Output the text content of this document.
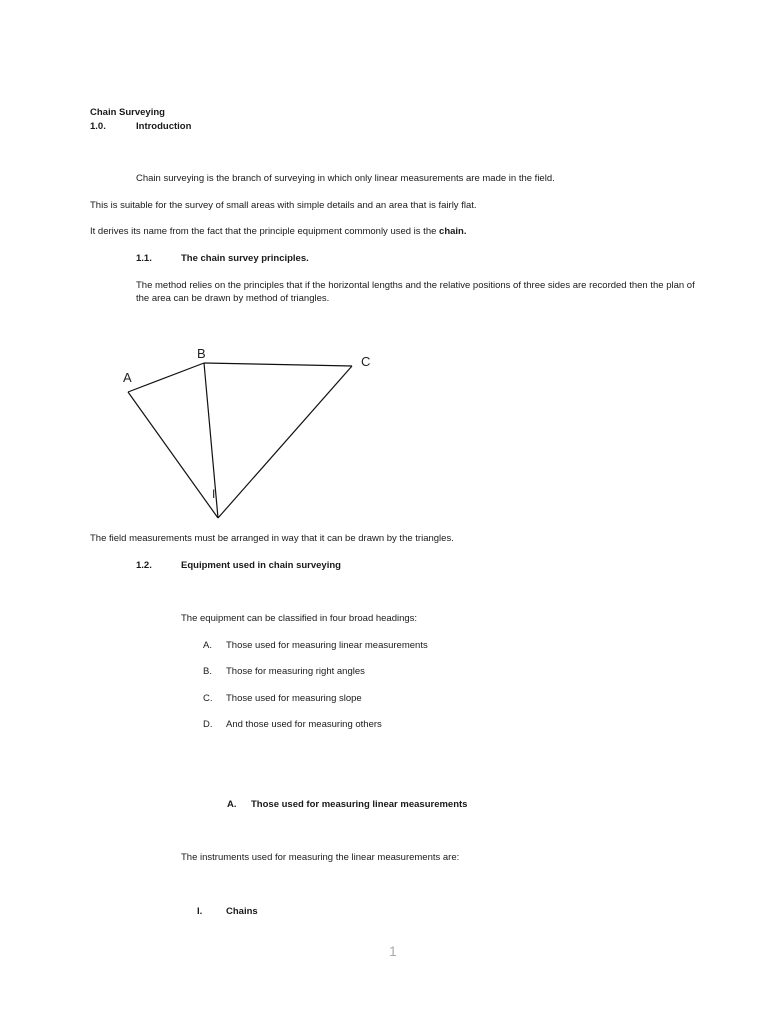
Chain Surveying
1.0.	Introduction
Chain surveying is the branch of surveying in which only linear measurements are made in the field.
This is suitable for the survey of small areas with simple details and an area that is fairly flat.
It derives its name from the fact that the principle equipment commonly used is the chain.
1.1.	The chain survey principles.
The method relies on the principles that if the horizontal lengths and the relative positions of three sides are recorded then the plan of the area can be drawn by method of triangles.
A
B
C
I
The field measurements must be arranged in way that it can be drawn by the triangles.
1.2.	Equipment used in chain surveying
The equipment can be classified in four broad headings:
A. Those used for measuring linear measurements
B. Those for measuring right angles
C. Those used for measuring slope
D. And those used for measuring others
A. Those used for measuring linear measurements
The instruments used for measuring the linear measurements are:
I. Chains
1
